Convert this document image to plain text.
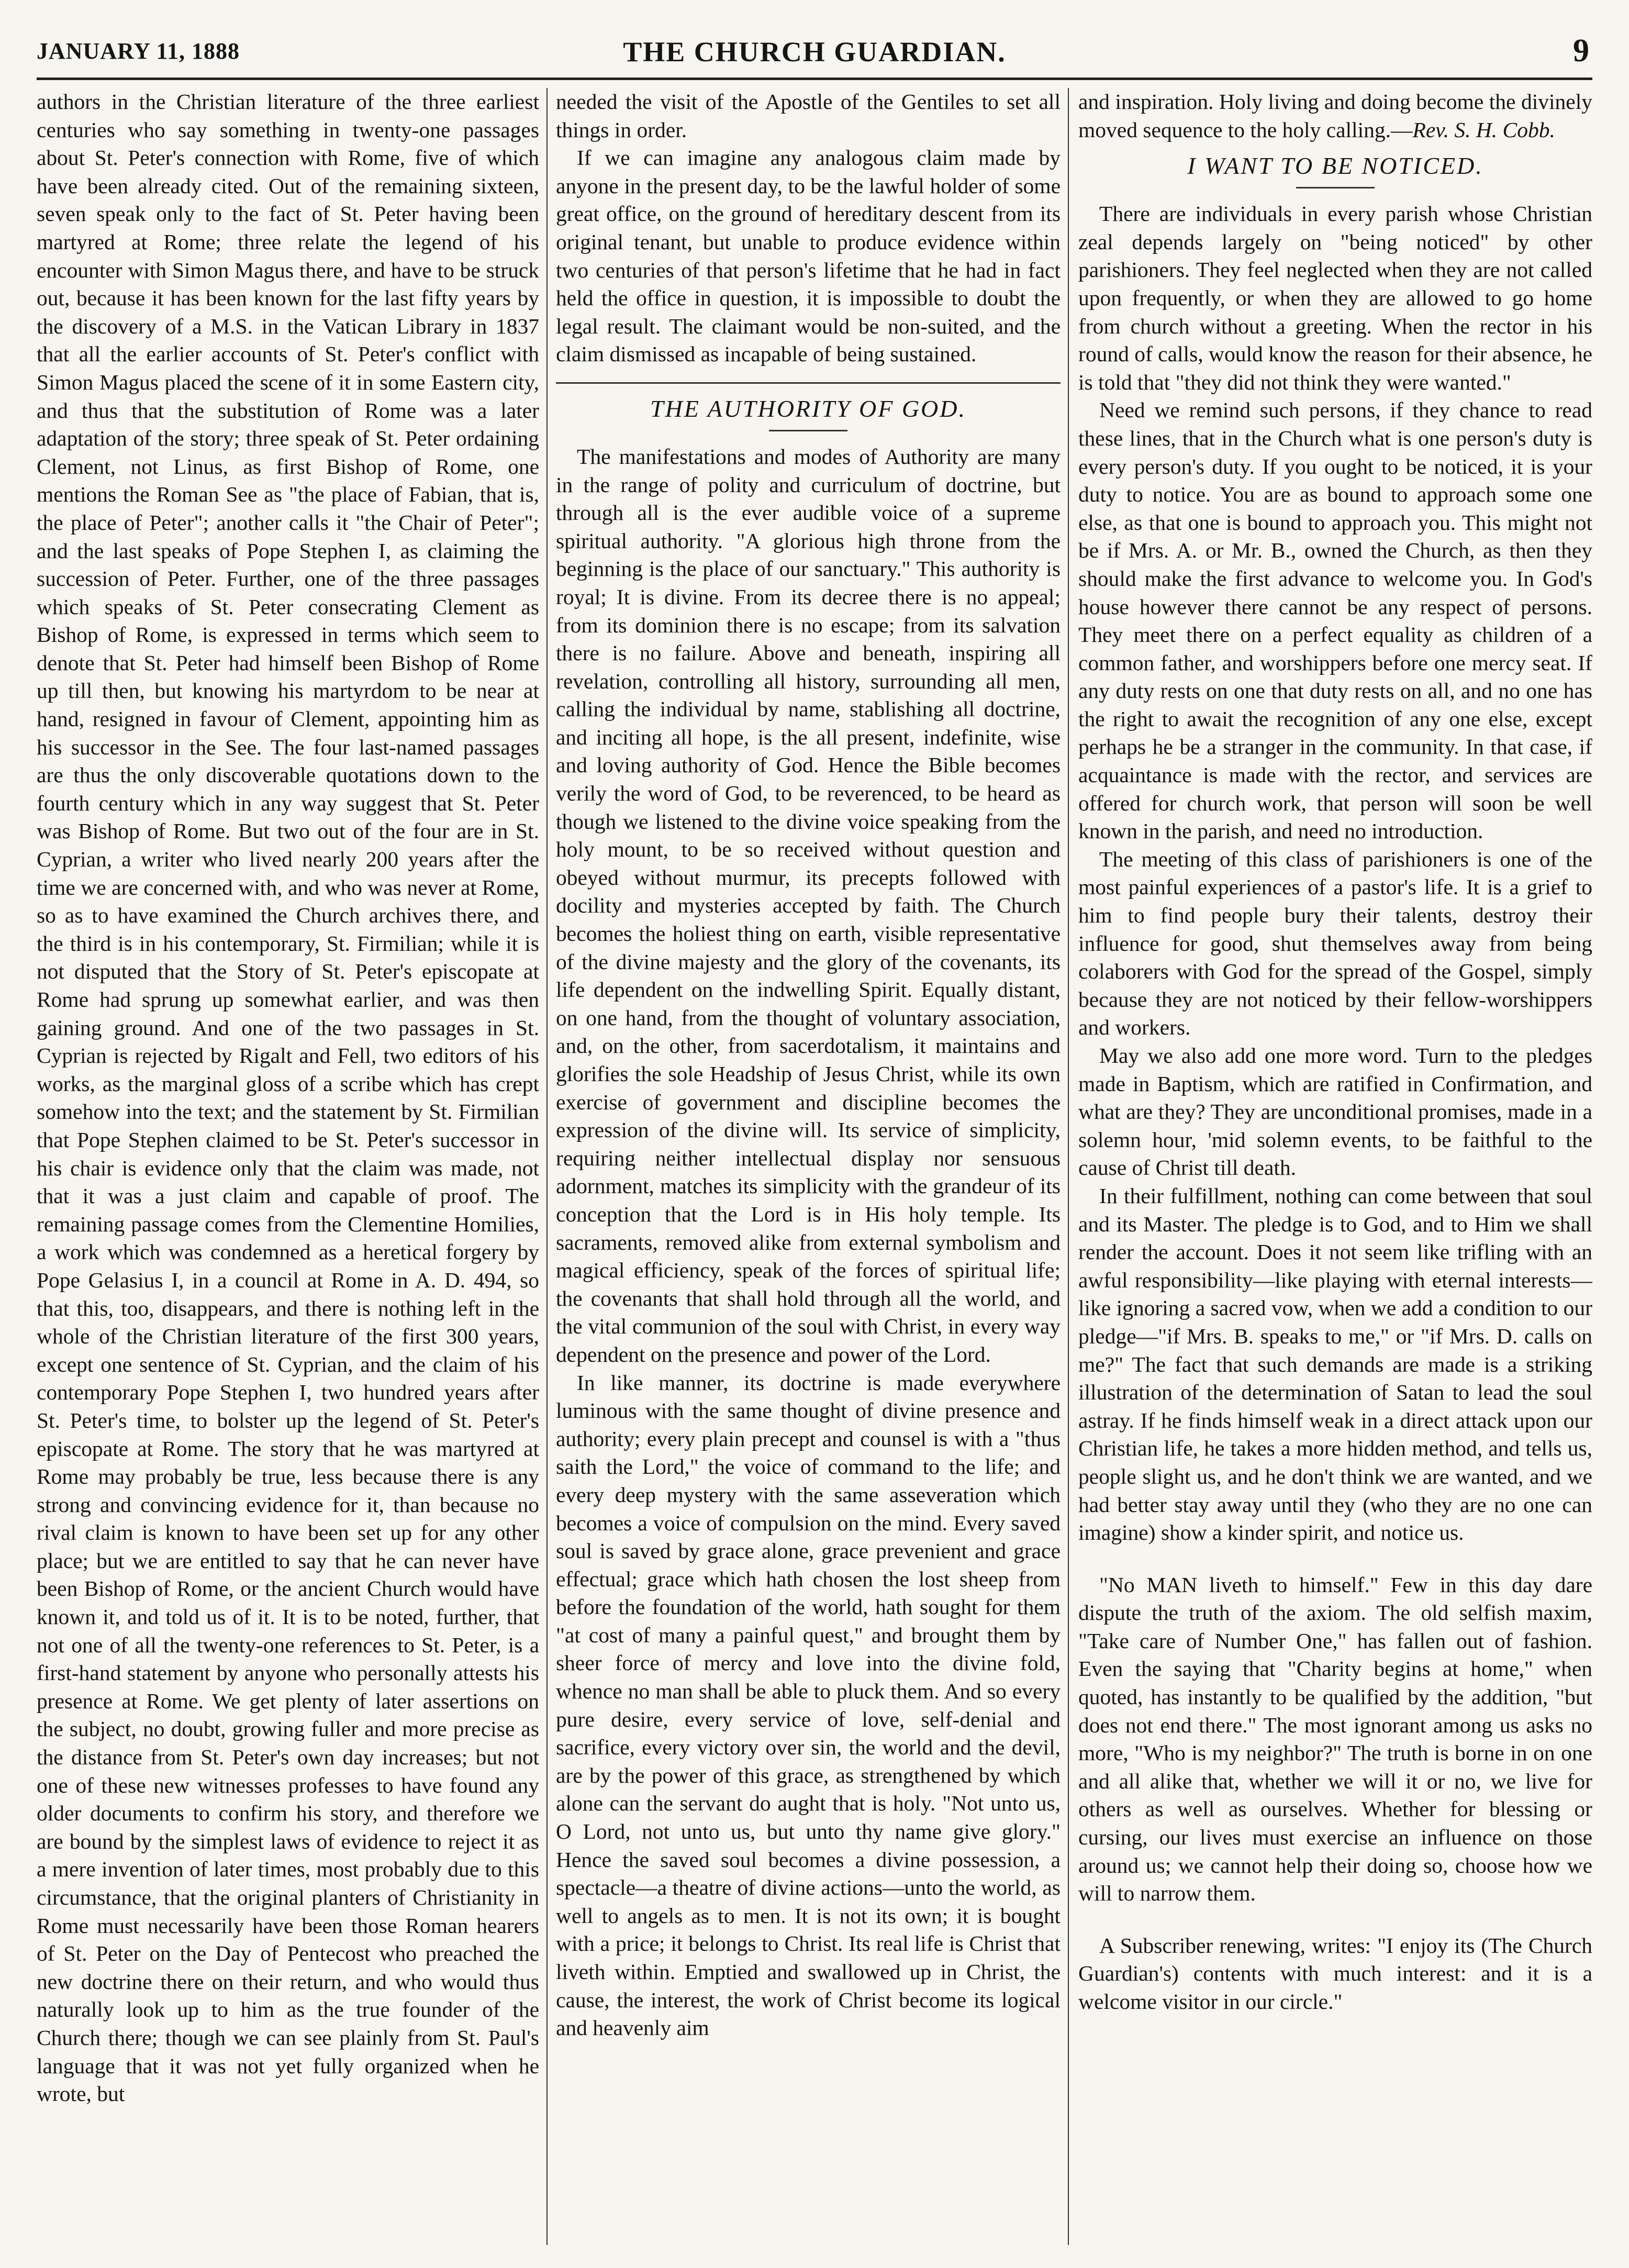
JANUARY 11, 1888	THE CHURCH GUARDIAN.	9

authors in the Christian literature of the three earliest centuries who say something in twenty-one passages about St. Peter's connection with Rome, five of which have been already cited. Out of the remaining sixteen, seven speak only to the fact of St. Peter having been martyred at Rome; three relate the legend of his encounter with Simon Magus there, and have to be struck out, because it has been known for the last fifty years by the discovery of a M.S. in the Vatican Library in 1837 that all the earlier accounts of St. Peter's conflict with Simon Magus placed the scene of it in some Eastern city, and thus that the substitution of Rome was a later adaptation of the story; three speak of St. Peter ordaining Clement, not Linus, as first Bishop of Rome, one mentions the Roman See as "the place of Fabian, that is, the place of Peter"; another calls it "the Chair of Peter"; and the last speaks of Pope Stephen I, as claiming the succession of Peter. Further, one of the three passages which speaks of St. Peter consecrating Clement as Bishop of Rome, is expressed in terms which seem to denote that St. Peter had himself been Bishop of Rome up till then, but knowing his martyrdom to be near at hand, resigned in favour of Clement, appointing him as his successor in the See. The four last-named passages are thus the only discoverable quotations down to the fourth century which in any way suggest that St. Peter was Bishop of Rome. But two out of the four are in St. Cyprian, a writer who lived nearly 200 years after the time we are concerned with, and who was never at Rome, so as to have examined the Church archives there, and the third is in his contemporary, St. Firmilian; while it is not disputed that the Story of St. Peter's episcopate at Rome had sprung up somewhat earlier, and was then gaining ground. And one of the two passages in St. Cyprian is rejected by Rigalt and Fell, two editors of his works, as the marginal gloss of a scribe which has crept somehow into the text; and the statement by St. Firmilian that Pope Stephen claimed to be St. Peter's successor in his chair is evidence only that the claim was made, not that it was a just claim and capable of proof. The remaining passage comes from the Clementine Homilies, a work which was condemned as a heretical forgery by Pope Gelasius I, in a council at Rome in A. D. 494, so that this, too, disappears, and there is nothing left in the whole of the Christian literature of the first 300 years, except one sentence of St. Cyprian, and the claim of his contemporary Pope Stephen I, two hundred years after St. Peter's time, to bolster up the legend of St. Peter's episcopate at Rome. The story that he was martyred at Rome may probably be true, less because there is any strong and convincing evidence for it, than because no rival claim is known to have been set up for any other place; but we are entitled to say that he can never have been Bishop of Rome, or the ancient Church would have known it, and told us of it. It is to be noted, further, that not one of all the twenty-one references to St. Peter, is a first-hand statement by anyone who personally attests his presence at Rome. We get plenty of later assertions on the subject, no doubt, growing fuller and more precise as the distance from St. Peter's own day increases; but not one of these new witnesses professes to have found any older documents to confirm his story, and therefore we are bound by the simplest laws of evidence to reject it as a mere invention of later times, most probably due to this circumstance, that the original planters of Christianity in Rome must necessarily have been those Roman hearers of St. Peter on the Day of Pentecost who preached the new doctrine there on their return, and who would thus naturally look up to him as the true founder of the Church there; though we can see plainly from St. Paul's language that it was not yet fully organized when he wrote, but

needed the visit of the Apostle of the Gentiles to set all things in order.

If we can imagine any analogous claim made by anyone in the present day, to be the lawful holder of some great office, on the ground of hereditary descent from its original tenant, but unable to produce evidence within two centuries of that person's lifetime that he had in fact held the office in question, it is impossible to doubt the legal result. The claimant would be non-suited, and the claim dismissed as incapable of being sustained.

THE AUTHORITY OF GOD.

The manifestations and modes of Authority are many in the range of polity and curriculum of doctrine, but through all is the ever audible voice of a supreme spiritual authority. "A glorious high throne from the beginning is the place of our sanctuary." This authority is royal; It is divine. From its decree there is no appeal; from its dominion there is no escape; from its salvation there is no failure. Above and beneath, inspiring all revelation, controlling all history, surrounding all men, calling the individual by name, stablishing all doctrine, and inciting all hope, is the all present, indefinite, wise and loving authority of God. Hence the Bible becomes verily the word of God, to be reverenced, to be heard as though we listened to the divine voice speaking from the holy mount, to be so received without question and obeyed without murmur, its precepts followed with docility and mysteries accepted by faith. The Church becomes the holiest thing on earth, visible representative of the divine majesty and the glory of the covenants, its life dependent on the indwelling Spirit. Equally distant, on one hand, from the thought of voluntary association, and, on the other, from sacerdotalism, it maintains and glorifies the sole Headship of Jesus Christ, while its own exercise of government and discipline becomes the expression of the divine will. Its service of simplicity, requiring neither intellectual display nor sensuous adornment, matches its simplicity with the grandeur of its conception that the Lord is in His holy temple. Its sacraments, removed alike from external symbolism and magical efficiency, speak of the forces of spiritual life; the covenants that shall hold through all the world, and the vital communion of the soul with Christ, in every way dependent on the presence and power of the Lord.

In like manner, its doctrine is made everywhere luminous with the same thought of divine presence and authority; every plain precept and counsel is with a "thus saith the Lord," the voice of command to the life; and every deep mystery with the same asseveration which becomes a voice of compulsion on the mind. Every saved soul is saved by grace alone, grace prevenient and grace effectual; grace which hath chosen the lost sheep from before the foundation of the world, hath sought for them "at cost of many a painful quest," and brought them by sheer force of mercy and love into the divine fold, whence no man shall be able to pluck them. And so every pure desire, every service of love, self-denial and sacrifice, every victory over sin, the world and the devil, are by the power of this grace, as strengthened by which alone can the servant do aught that is holy. "Not unto us, O Lord, not unto us, but unto thy name give glory." Hence the saved soul becomes a divine possession, a spectacle—a theatre of divine actions—unto the world, as well to angels as to men. It is not its own; it is bought with a price; it belongs to Christ. Its real life is Christ that liveth within. Emptied and swallowed up in Christ, the cause, the interest, the work of Christ become its logical and heavenly aim

and inspiration. Holy living and doing become the divinely moved sequence to the holy calling.—Rev. S. H. Cobb.

I WANT TO BE NOTICED.

There are individuals in every parish whose Christian zeal depends largely on "being noticed" by other parishioners. They feel neglected when they are not called upon frequently, or when they are allowed to go home from church without a greeting. When the rector in his round of calls, would know the reason for their absence, he is told that "they did not think they were wanted."

Need we remind such persons, if they chance to read these lines, that in the Church what is one person's duty is every person's duty. If you ought to be noticed, it is your duty to notice. You are as bound to approach some one else, as that one is bound to approach you. This might not be if Mrs. A. or Mr. B., owned the Church, as then they should make the first advance to welcome you. In God's house however there cannot be any respect of persons. They meet there on a perfect equality as children of a common father, and worshippers before one mercy seat. If any duty rests on one that duty rests on all, and no one has the right to await the recognition of any one else, except perhaps he be a stranger in the community. In that case, if acquaintance is made with the rector, and services are offered for church work, that person will soon be well known in the parish, and need no introduction.

The meeting of this class of parishioners is one of the most painful experiences of a pastor's life. It is a grief to him to find people bury their talents, destroy their influence for good, shut themselves away from being colaborers with God for the spread of the Gospel, simply because they are not noticed by their fellow-worshippers and workers.

May we also add one more word. Turn to the pledges made in Baptism, which are ratified in Confirmation, and what are they? They are unconditional promises, made in a solemn hour, 'mid solemn events, to be faithful to the cause of Christ till death.

In their fulfillment, nothing can come between that soul and its Master. The pledge is to God, and to Him we shall render the account. Does it not seem like trifling with an awful responsibility—like playing with eternal interests—like ignoring a sacred vow, when we add a condition to our pledge—"if Mrs. B. speaks to me," or "if Mrs. D. calls on me?" The fact that such demands are made is a striking illustration of the determination of Satan to lead the soul astray. If he finds himself weak in a direct attack upon our Christian life, he takes a more hidden method, and tells us, people slight us, and he don't think we are wanted, and we had better stay away until they (who they are no one can imagine) show a kinder spirit, and notice us.

"No MAN liveth to himself." Few in this day dare dispute the truth of the axiom. The old selfish maxim, "Take care of Number One," has fallen out of fashion. Even the saying that "Charity begins at home," when quoted, has instantly to be qualified by the addition, "but does not end there." The most ignorant among us asks no more, "Who is my neighbor?" The truth is borne in on one and all alike that, whether we will it or no, we live for others as well as ourselves. Whether for blessing or cursing, our lives must exercise an influence on those around us; we cannot help their doing so, choose how we will to narrow them.

A Subscriber renewing, writes: "I enjoy its (The Church Guardian's) contents with much interest: and it is a welcome visitor in our circle."
